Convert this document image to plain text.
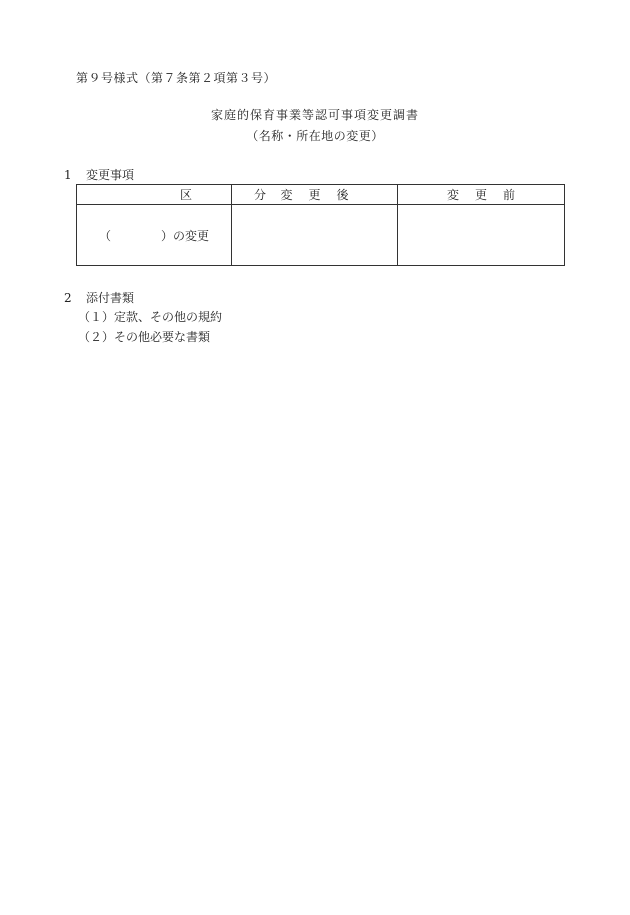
第９号様式（第７条第２項第３号）
家庭的保育事業等認可事項変更調書
（名称・所在地の変更）
1 変更事項
区 分	変更後	変更前
（ ）の変更		
2 添付書類
（１）定款、その他の規約
（２）その他必要な書類
